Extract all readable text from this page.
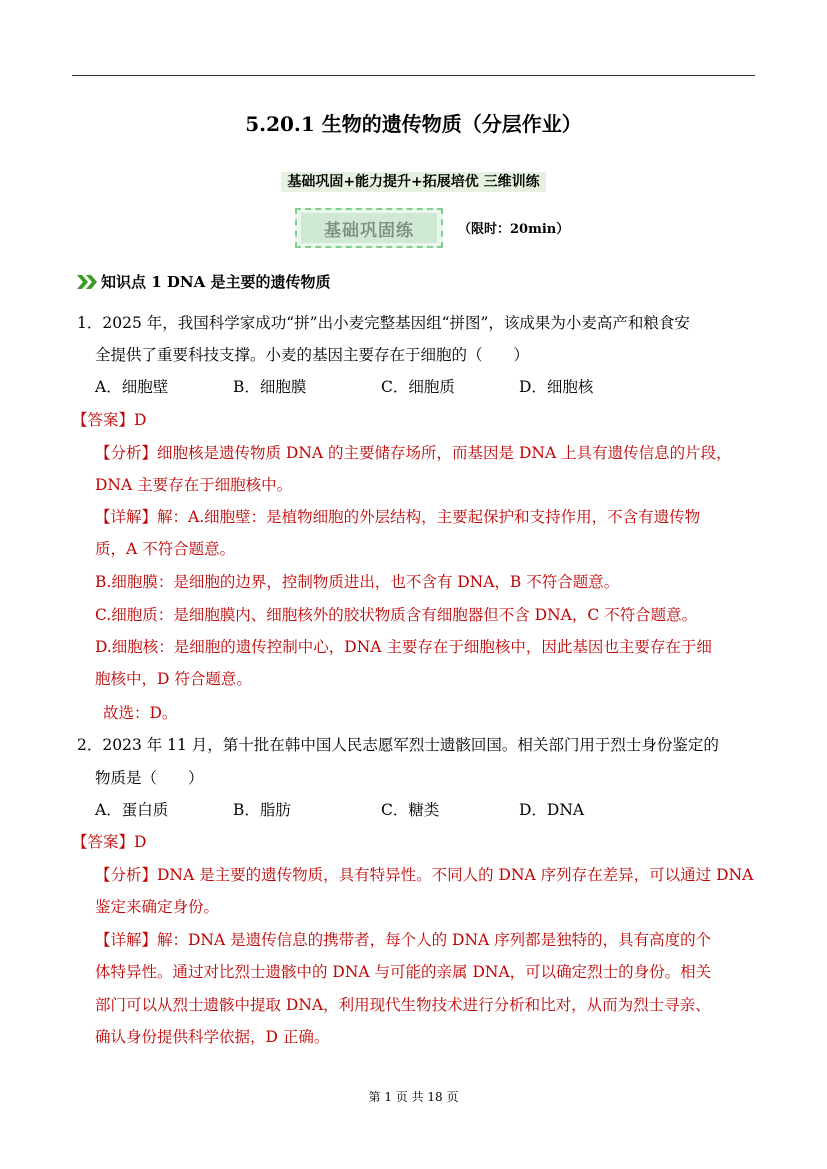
5.20.1 生物的遗传物质（分层作业）
基础巩固+能力提升+拓展培优 三维训练
基础巩固练	（限时：20min）
知识点 1 DNA 是主要的遗传物质
1．2025 年，我国科学家成功“拼”出小麦完整基因组“拼图”，该成果为小麦高产和粮食安
全提供了重要科技支撑。小麦的基因主要存在于细胞的（　　）
A．细胞壁	B．细胞膜	C．细胞质	D．细胞核
【答案】D
【分析】细胞核是遗传物质 DNA 的主要储存场所，而基因是 DNA 上具有遗传信息的片段，
DNA 主要存在于细胞核中。
【详解】解：A.细胞壁：是植物细胞的外层结构，主要起保护和支持作用，不含有遗传物
质，A 不符合题意。
B.细胞膜：是细胞的边界，控制物质进出，也不含有 DNA，B 不符合题意。
C.细胞质：是细胞膜内、细胞核外的胶状物质含有细胞器但不含 DNA，C 不符合题意。
D.细胞核：是细胞的遗传控制中心，DNA 主要存在于细胞核中，因此基因也主要存在于细
胞核中，D 符合题意。
故选：D。
2．2023 年 11 月，第十批在韩中国人民志愿军烈士遗骸回国。相关部门用于烈士身份鉴定的
物质是（　　）
A．蛋白质	B．脂肪	C．糖类	D．DNA
【答案】D
【分析】DNA 是主要的遗传物质，具有特异性。不同人的 DNA 序列存在差异，可以通过 DNA
鉴定来确定身份。
【详解】解：DNA 是遗传信息的携带者，每个人的 DNA 序列都是独特的，具有高度的个
体特异性。通过对比烈士遗骸中的 DNA 与可能的亲属 DNA，可以确定烈士的身份。相关
部门可以从烈士遗骸中提取 DNA，利用现代生物技术进行分析和比对，从而为烈士寻亲、
确认身份提供科学依据，D 正确。
第 1 页 共 18 页
